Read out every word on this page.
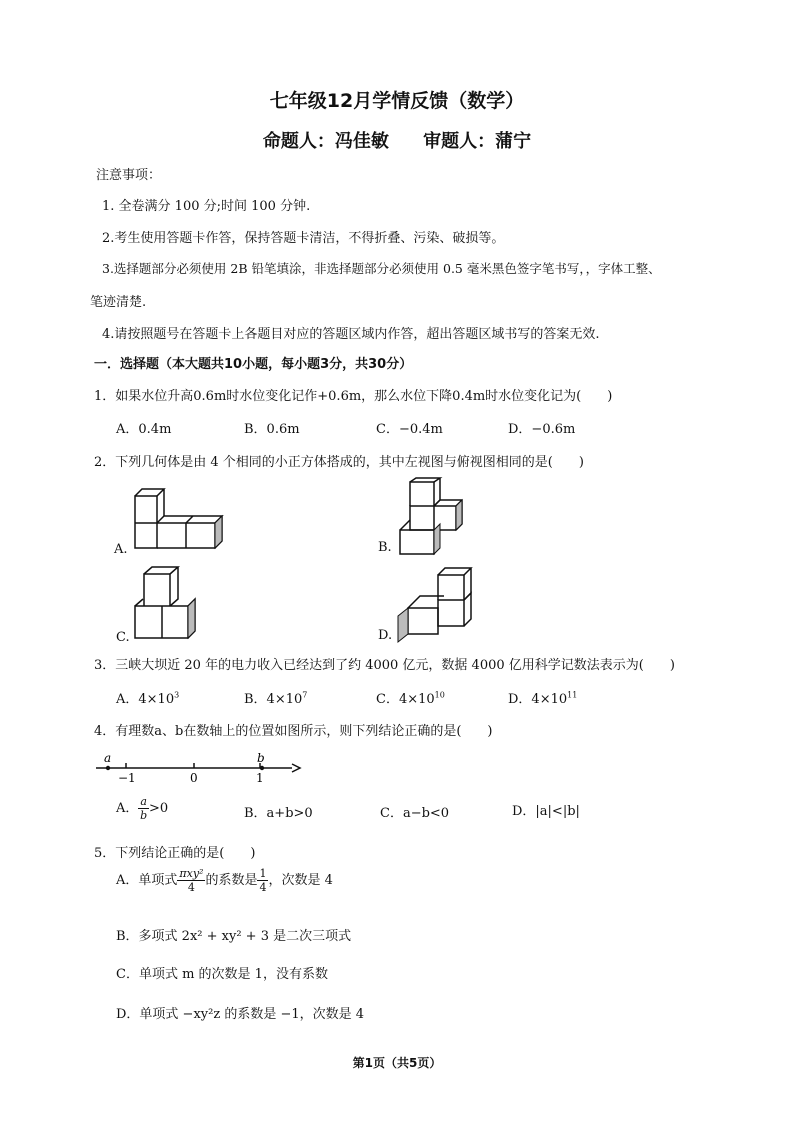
七年级12月学情反馈（数学）
命题人：冯佳敏 审题人：蒲宁
注意事项：
1. 全卷满分 100 分;时间 100 分钟.
2.考生使用答题卡作答，保持答题卡清洁，不得折叠、污染、破损等。
3.选择题部分必须使用 2B 铅笔填涂，非选择题部分必须使用 0.5 毫米黑色签字笔书写，，字体工整、
笔迹清楚.
4.请按照题号在答题卡上各题目对应的答题区域内作答，超出答题区域书写的答案无效.
一．选择题（本大题共10小题，每小题3分，共30分）
1．如果水位升高0.6m时水位变化记作+0.6m，那么水位下降0.4m时水位变化记为(　　)
A．0.4m	B．0.6m	C．−0.4m	D．−0.6m
2．下列几何体是由 4 个相同的小正方体搭成的，其中左视图与俯视图相同的是(　　)
A.	B.
C.	D.
3．三峡大坝近 20 年的电力收入已经达到了约 4000 亿元，数据 4000 亿用科学记数法表示为(　　)
A．$4\times 10^3$	B．$4\times 10^7$	C．$4\times 10^{10}$	D．$4\times 10^{11}$
4．有理数a、b在数轴上的位置如图所示，则下列结论正确的是(　　)
a	b
−1	0	1
A． $\frac{a}{b} >0$	B．a+b>0	C．a−b<0	D．|a|<|b|
5．下列结论正确的是(　　)
A．单项式 $\frac{\text{πxy²}}{4}$ 的系数是 $\frac{1}{4}$ ，次数是 4
B．多项式 2x² + xy² + 3 是二次三项式
C．单项式 m 的次数是 1，没有系数
D．单项式 −xy²z 的系数是 −1，次数是 4
第1页（共5页）
